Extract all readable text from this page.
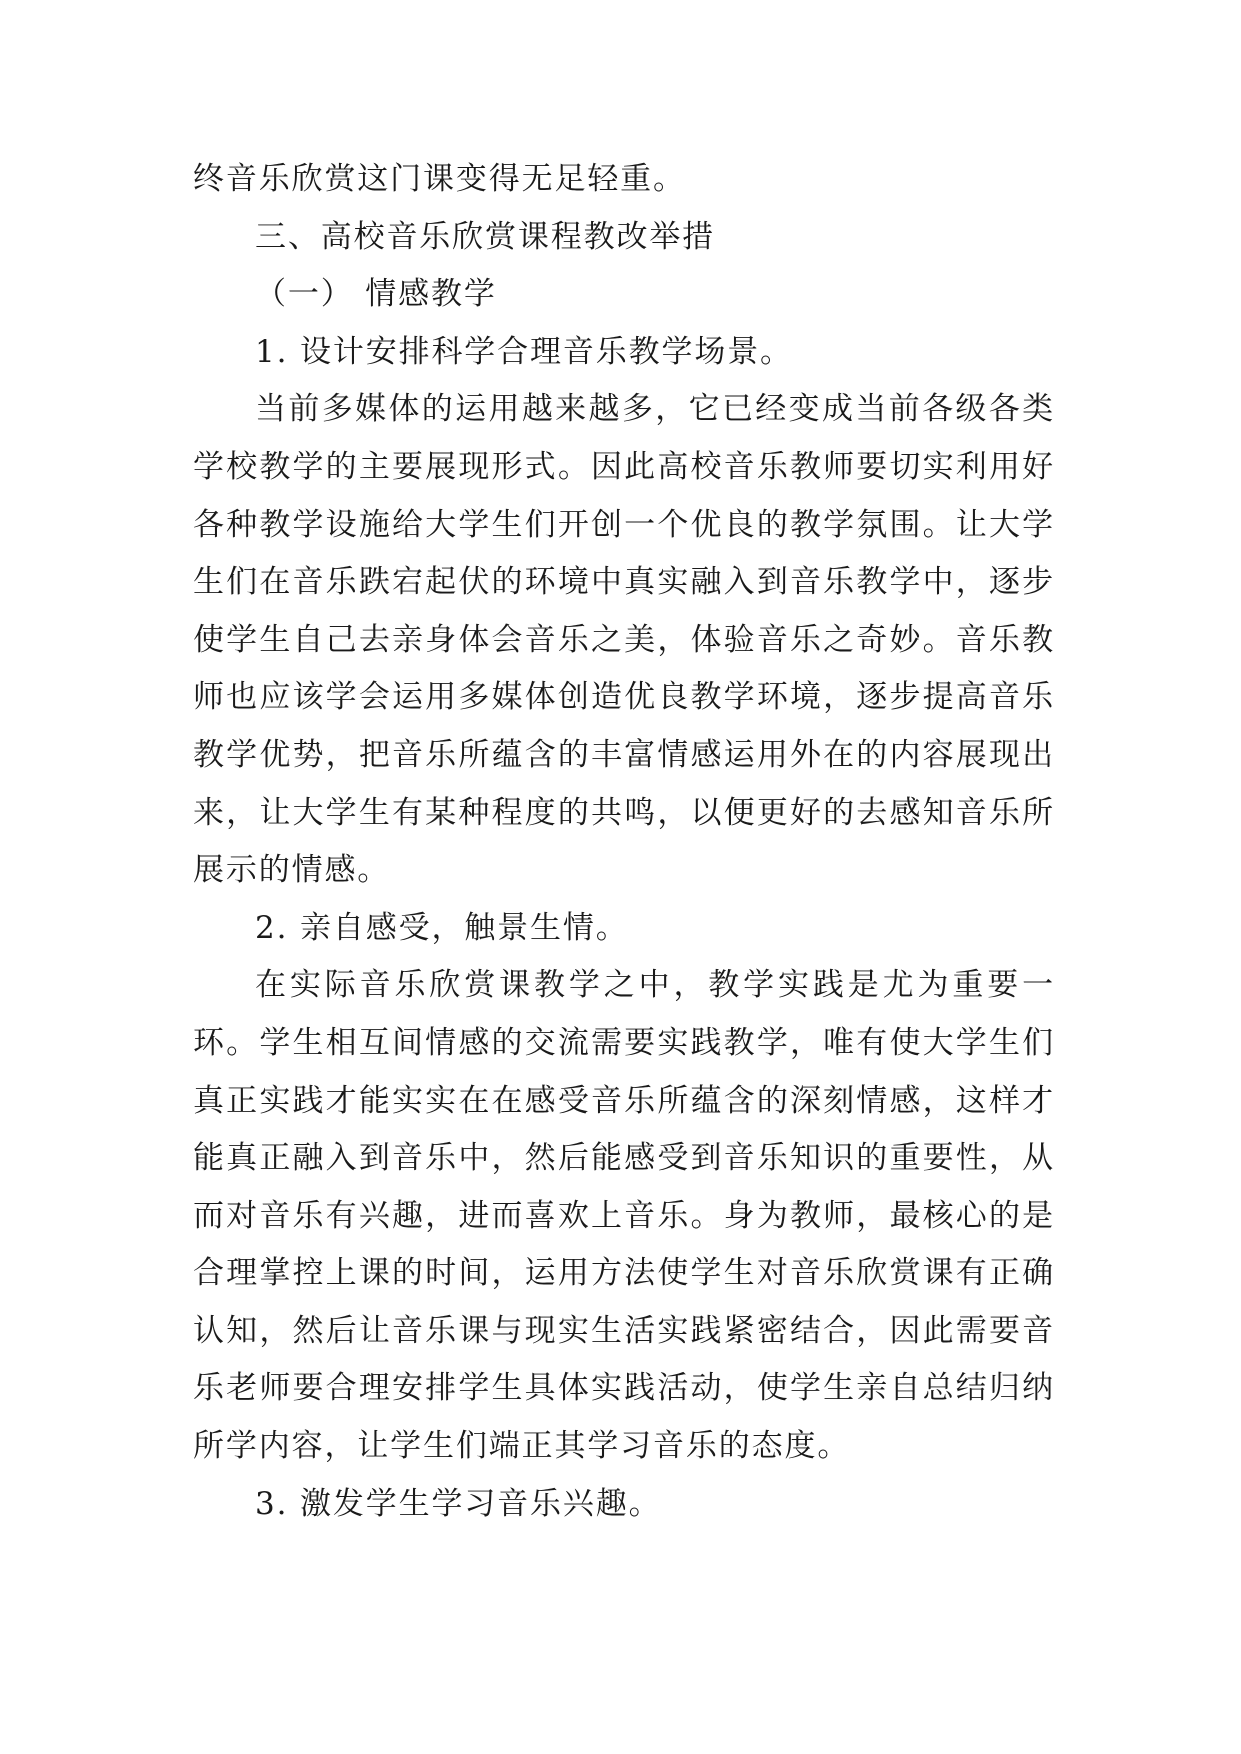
终音乐欣赏这门课变得无足轻重。

三、高校音乐欣赏课程教改举措

（一） 情感教学

1. 设计安排科学合理音乐教学场景。

当前多媒体的运用越来越多，它已经变成当前各级各类学校教学的主要展现形式。因此高校音乐教师要切实利用好各种教学设施给大学生们开创一个优良的教学氛围。让大学生们在音乐跌宕起伏的环境中真实融入到音乐教学中，逐步使学生自己去亲身体会音乐之美，体验音乐之奇妙。音乐教师也应该学会运用多媒体创造优良教学环境，逐步提高音乐教学优势，把音乐所蕴含的丰富情感运用外在的内容展现出来，让大学生有某种程度的共鸣，以便更好的去感知音乐所展示的情感。

2. 亲自感受，触景生情。

在实际音乐欣赏课教学之中，教学实践是尤为重要一环。学生相互间情感的交流需要实践教学，唯有使大学生们真正实践才能实实在在感受音乐所蕴含的深刻情感，这样才能真正融入到音乐中，然后能感受到音乐知识的重要性，从而对音乐有兴趣，进而喜欢上音乐。身为教师，最核心的是合理掌控上课的时间，运用方法使学生对音乐欣赏课有正确认知，然后让音乐课与现实生活实践紧密结合，因此需要音乐老师要合理安排学生具体实践活动，使学生亲自总结归纳所学内容，让学生们端正其学习音乐的态度。

3. 激发学生学习音乐兴趣。
